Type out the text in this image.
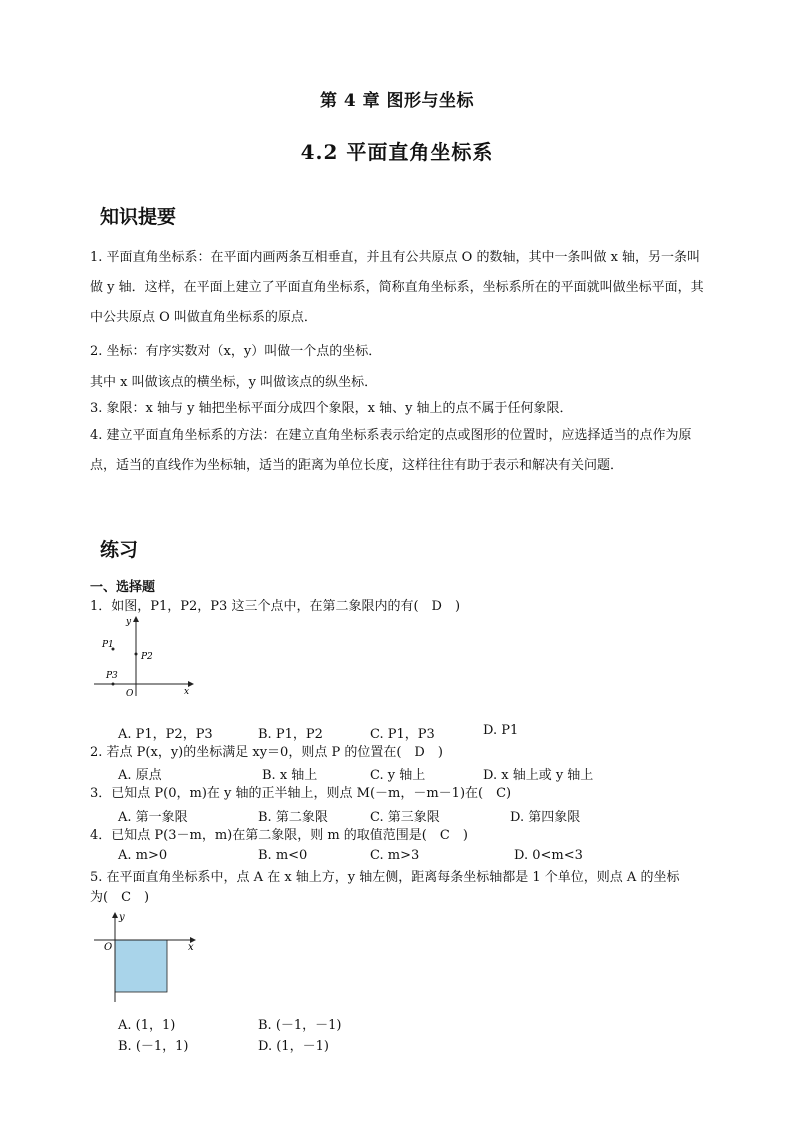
第 4 章 图形与坐标
4.2 平面直角坐标系
知识提要
1. 平面直角坐标系：在平面内画两条互相垂直，并且有公共原点 O 的数轴，其中一条叫做 x 轴，另一条叫做 y 轴．这样，在平面上建立了平面直角坐标系，简称直角坐标系，坐标系所在的平面就叫做坐标平面，其中公共原点 O 叫做直角坐标系的原点．
2. 坐标：有序实数对（x，y）叫做一个点的坐标．
其中 x 叫做该点的横坐标，y 叫做该点的纵坐标．
3. 象限：x 轴与 y 轴把坐标平面分成四个象限，x 轴、y 轴上的点不属于任何象限．
4. 建立平面直角坐标系的方法：在建立直角坐标系表示给定的点或图形的位置时，应选择适当的点作为原点，适当的直线作为坐标轴，适当的距离为单位长度，这样往往有助于表示和解决有关问题．
练习
一、选择题
1．如图，P1，P2，P3 这三个点中，在第二象限内的有(　D　)
y
x
O
P1
P2
P3
A. P1，P2，P3	B. P1，P2	C. P1，P3	D. P1
2. 若点 P(x，y)的坐标满足 xy＝0，则点 P 的位置在(　D　)
A. 原点	B. x 轴上	C. y 轴上	D. x 轴上或 y 轴上
3．已知点 P(0，m)在 y 轴的正半轴上，则点 M(－m，－m－1)在(　C)
A. 第一象限	B. 第二象限	C. 第三象限	D. 第四象限
4．已知点 P(3－m，m)在第二象限，则 m 的取值范围是(　C　)
A. m>0	B. m<0	C. m>3	D. 0<m<3
5. 在平面直角坐标系中，点 A 在 x 轴上方，y 轴左侧，距离每条坐标轴都是 1 个单位，则点 A 的坐标
为(　C　)
y
x
O
A. (1，1)	B. (－1，－1)
B. (－1，1)	D. (1，－1)
